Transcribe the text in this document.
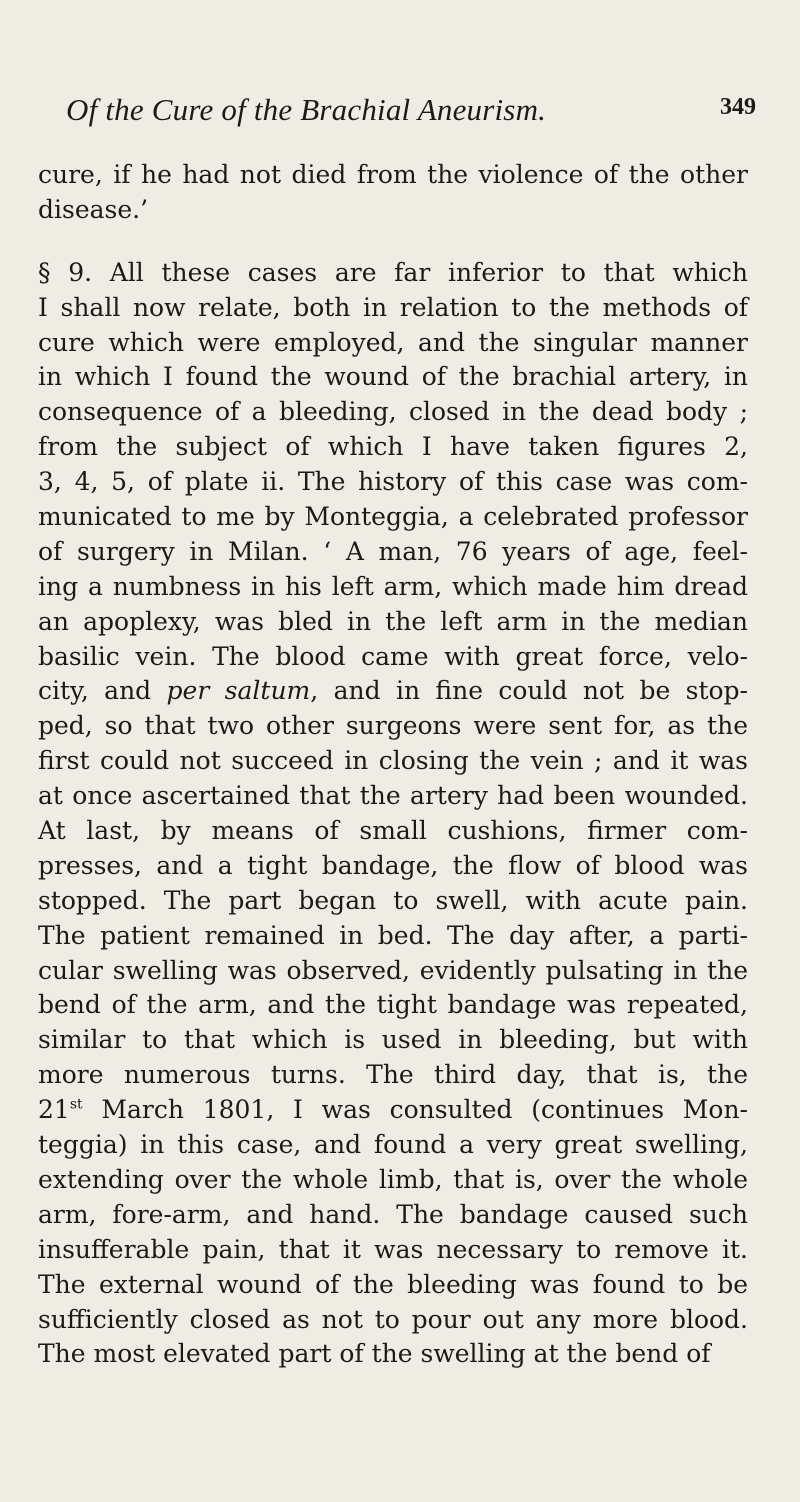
Of the Cure of the Brachial Aneurism.	349
cure, if he had not died from the violence of the other
disease.’
§ 9. All these cases are far inferior to that which
I shall now relate, both in relation to the methods of
cure which were employed, and the singular manner
in which I found the wound of the brachial artery, in
consequence of a bleeding, closed in the dead body ;
from the subject of which I have taken figures 2,
3, 4, 5, of plate ii. The history of this case was com-
municated to me by Monteggia, a celebrated professor
of surgery in Milan. ‘ A man, 76 years of age, feel-
ing a numbness in his left arm, which made him dread
an apoplexy, was bled in the left arm in the median
basilic vein. The blood came with great force, velo-
city, and per saltum, and in fine could not be stop-
ped, so that two other surgeons were sent for, as the
first could not succeed in closing the vein ; and it was
at once ascertained that the artery had been wounded.
At last, by means of small cushions, firmer com-
presses, and a tight bandage, the flow of blood was
stopped. The part began to swell, with acute pain.
The patient remained in bed. The day after, a parti-
cular swelling was observed, evidently pulsating in the
bend of the arm, and the tight bandage was repeated,
similar to that which is used in bleeding, but with
more numerous turns. The third day, that is, the
21st March 1801, I was consulted (continues Mon-
teggia) in this case, and found a very great swelling,
extending over the whole limb, that is, over the whole
arm, fore-arm, and hand. The bandage caused such
insufferable pain, that it was necessary to remove it.
The external wound of the bleeding was found to be
sufficiently closed as not to pour out any more blood.
The most elevated part of the swelling at the bend of
